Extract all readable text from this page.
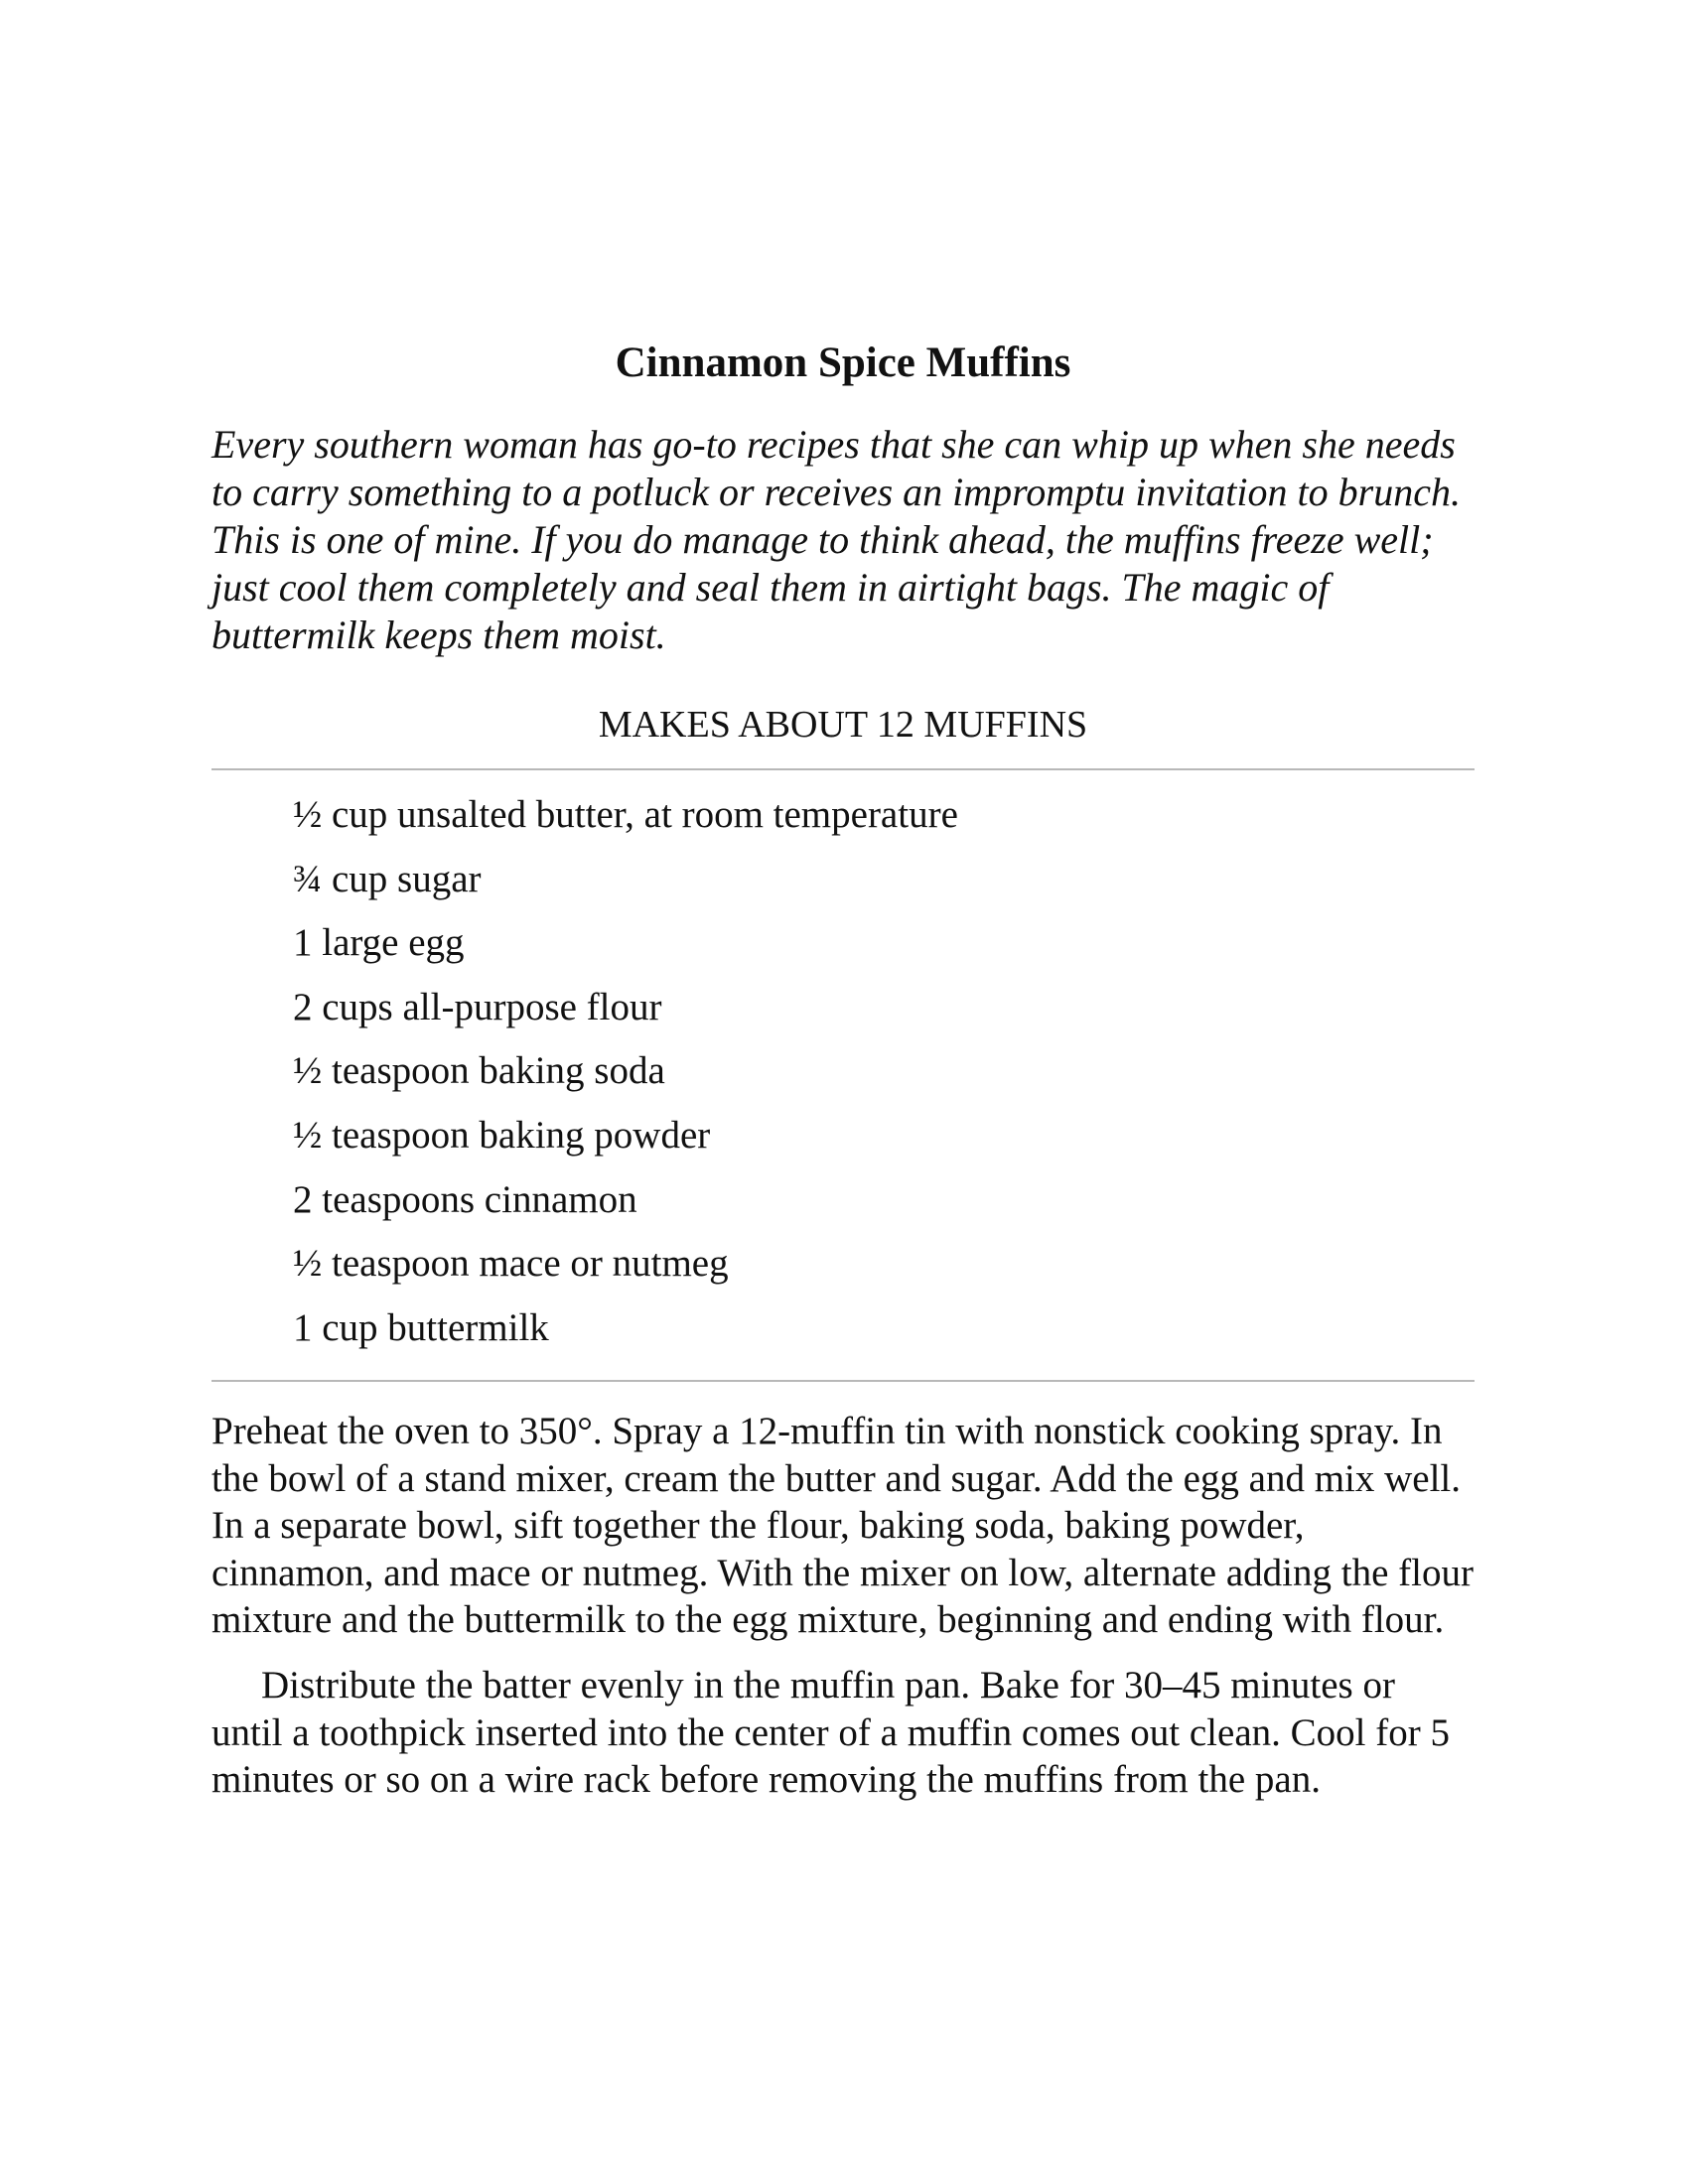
Cinnamon Spice Muffins

Every southern woman has go-to recipes that she can whip up when she needs to carry something to a potluck or receives an impromptu invitation to brunch. This is one of mine. If you do manage to think ahead, the muffins freeze well; just cool them completely and seal them in airtight bags. The magic of buttermilk keeps them moist.

MAKES ABOUT 12 MUFFINS

½ cup unsalted butter, at room temperature
¾ cup sugar
1 large egg
2 cups all-purpose flour
½ teaspoon baking soda
½ teaspoon baking powder
2 teaspoons cinnamon
½ teaspoon mace or nutmeg
1 cup buttermilk

Preheat the oven to 350°. Spray a 12-muffin tin with nonstick cooking spray. In the bowl of a stand mixer, cream the butter and sugar. Add the egg and mix well. In a separate bowl, sift together the flour, baking soda, baking powder, cinnamon, and mace or nutmeg. With the mixer on low, alternate adding the flour mixture and the buttermilk to the egg mixture, beginning and ending with flour.

Distribute the batter evenly in the muffin pan. Bake for 30–45 minutes or until a toothpick inserted into the center of a muffin comes out clean. Cool for 5 minutes or so on a wire rack before removing the muffins from the pan.
